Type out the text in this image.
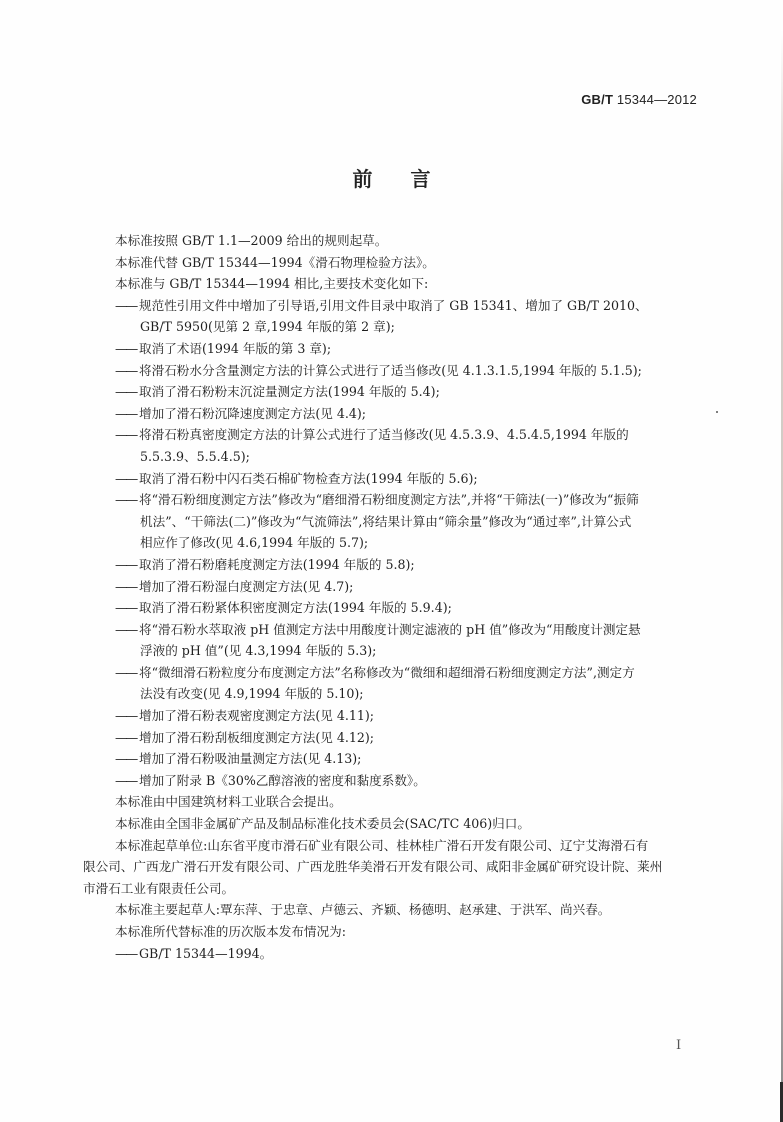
GB/T 15344—2012
前 言
本标准按照 GB/T 1.1—2009 给出的规则起草。
本标准代替 GB/T 15344—1994《滑石物理检验方法》。
本标准与 GB/T 15344—1994 相比,主要技术变化如下:
—— 规范性引用文件中增加了引导语,引用文件目录中取消了 GB 15341、增加了 GB/T 2010、
GB/T 5950(见第 2 章,1994 年版的第 2 章);
—— 取消了术语(1994 年版的第 3 章);
—— 将滑石粉水分含量测定方法的计算公式进行了适当修改(见 4.1.3.1.5,1994 年版的 5.1.5);
—— 取消了滑石粉粉末沉淀量测定方法(1994 年版的 5.4);
—— 增加了滑石粉沉降速度测定方法(见 4.4);
—— 将滑石粉真密度测定方法的计算公式进行了适当修改(见 4.5.3.9、4.5.4.5,1994 年版的
5.5.3.9、5.5.4.5);
—— 取消了滑石粉中闪石类石棉矿物检查方法(1994 年版的 5.6);
—— 将“滑石粉细度测定方法”修改为“磨细滑石粉细度测定方法”,并将“干筛法(一)”修改为“振筛
机法”、“干筛法(二)”修改为“气流筛法”,将结果计算由“筛余量”修改为“通过率”,计算公式
相应作了修改(见 4.6,1994 年版的 5.7);
—— 取消了滑石粉磨耗度测定方法(1994 年版的 5.8);
—— 增加了滑石粉湿白度测定方法(见 4.7);
—— 取消了滑石粉紧体积密度测定方法(1994 年版的 5.9.4);
—— 将“滑石粉水萃取液 pH 值测定方法中用酸度计测定滤液的 pH 值”修改为“用酸度计测定悬
浮液的 pH 值”(见 4.3,1994 年版的 5.3);
—— 将“微细滑石粉粒度分布度测定方法”名称修改为“微细和超细滑石粉细度测定方法”,测定方
法没有改变(见 4.9,1994 年版的 5.10);
—— 增加了滑石粉表观密度测定方法(见 4.11);
—— 增加了滑石粉刮板细度测定方法(见 4.12);
—— 增加了滑石粉吸油量测定方法(见 4.13);
—— 增加了附录 B《30%乙醇溶液的密度和黏度系数》。
本标准由中国建筑材料工业联合会提出。
本标准由全国非金属矿产品及制品标准化技术委员会(SAC/TC 406)归口。
本标准起草单位:山东省平度市滑石矿业有限公司、桂林桂广滑石开发有限公司、辽宁艾海滑石有
限公司、广西龙广滑石开发有限公司、广西龙胜华美滑石开发有限公司、咸阳非金属矿研究设计院、莱州
市滑石工业有限责任公司。
本标准主要起草人:覃东萍、于忠章、卢德云、齐颖、杨德明、赵承建、于洪军、尚兴春。
本标准所代替标准的历次版本发布情况为:
—— GB/T 15344—1994。
I
